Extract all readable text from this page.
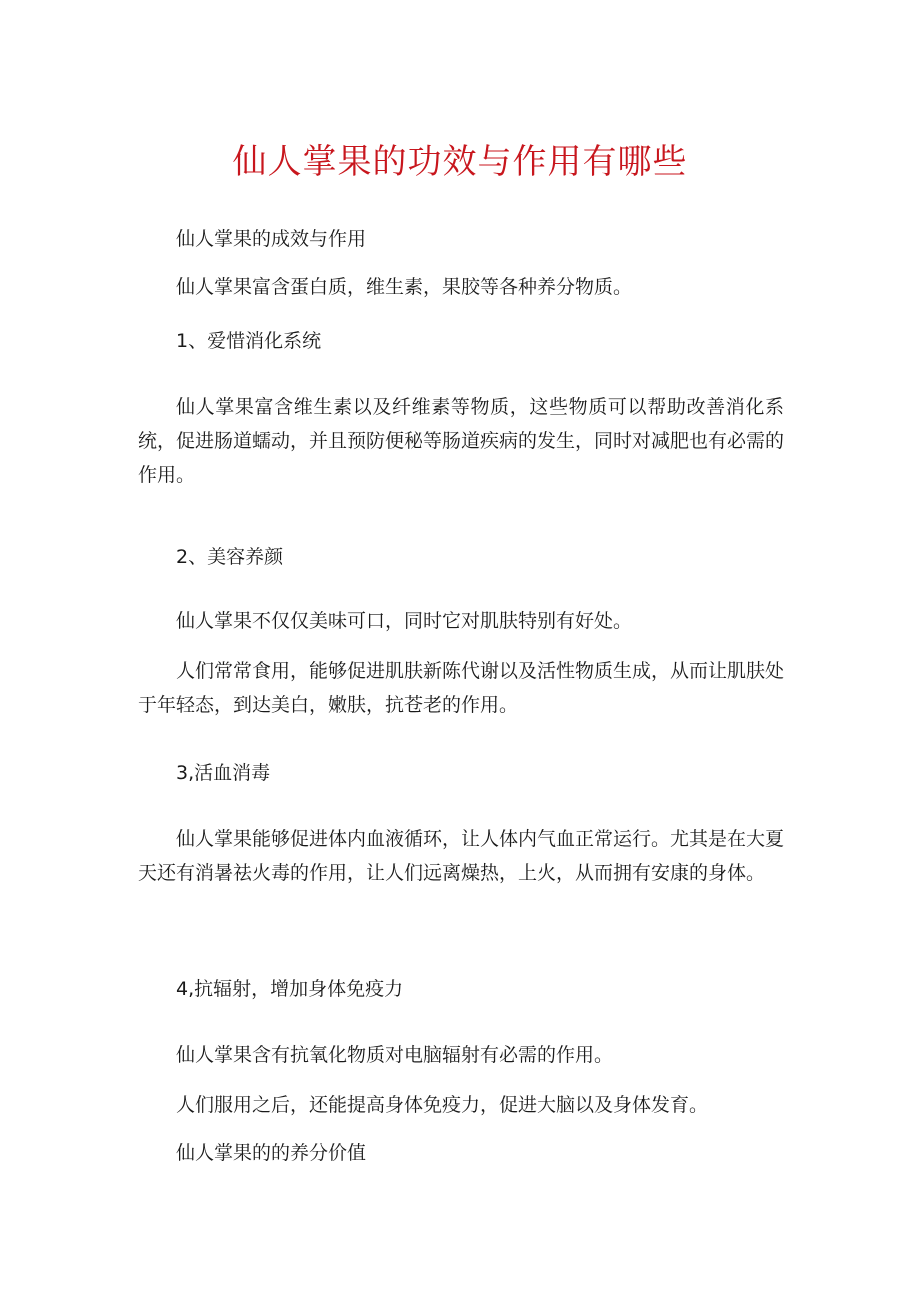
仙人掌果的功效与作用有哪些
仙人掌果的成效与作用
仙人掌果富含蛋白质，维生素，果胶等各种养分物质。
1、爱惜消化系统
仙人掌果富含维生素以及纤维素等物质，这些物质可以帮助改善消化系统，促进肠道蠕动，并且预防便秘等肠道疾病的发生，同时对减肥也有必需的作用。
2、美容养颜
仙人掌果不仅仅美味可口，同时它对肌肤特别有好处。
人们常常食用，能够促进肌肤新陈代谢以及活性物质生成，从而让肌肤处于年轻态，到达美白，嫩肤，抗苍老的作用。
3,活血消毒
仙人掌果能够促进体内血液循环，让人体内气血正常运行。尤其是在大夏天还有消暑祛火毒的作用，让人们远离燥热，上火，从而拥有安康的身体。
4,抗辐射，增加身体免疫力
仙人掌果含有抗氧化物质对电脑辐射有必需的作用。
人们服用之后，还能提高身体免疫力，促进大脑以及身体发育。
仙人掌果的的养分价值
